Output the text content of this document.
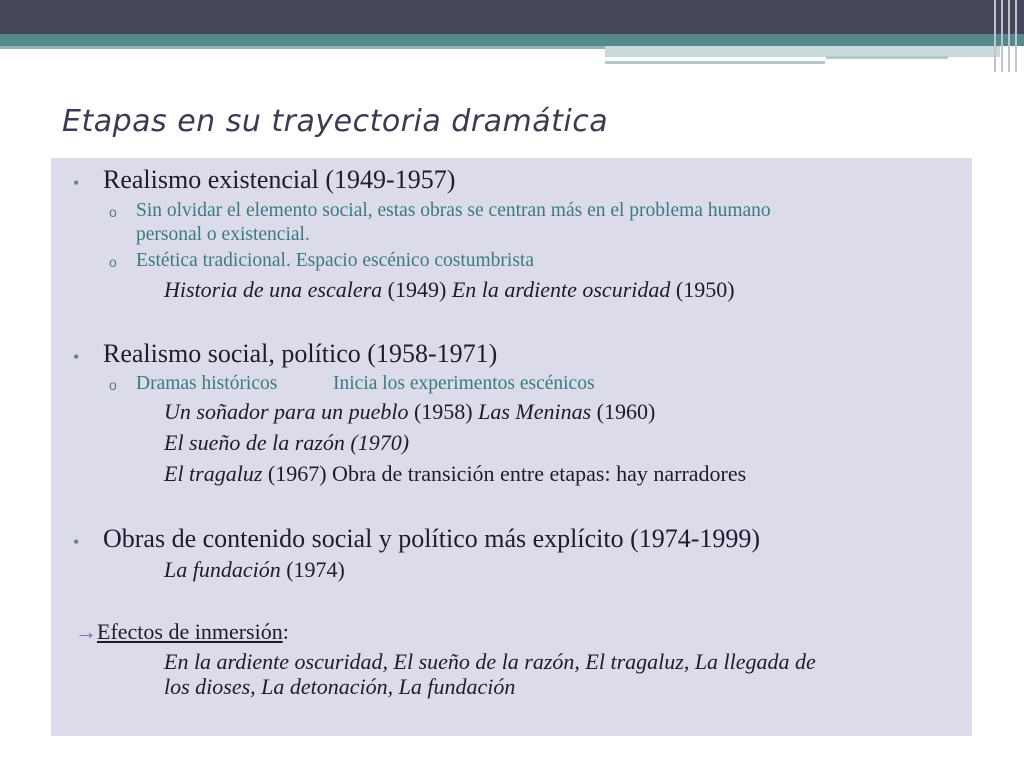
Etapas en su trayectoria dramática
• Realismo existencial (1949-1957)
o Sin olvidar el elemento social, estas obras se centran más en el problema humano
personal o existencial.
o Estética tradicional. Espacio escénico costumbrista
Historia de una escalera (1949) En la ardiente oscuridad (1950)
• Realismo social, político (1958-1971)
o Dramas históricos	Inicia los experimentos escénicos
Un soñador para un pueblo (1958) Las Meninas (1960)
El sueño de la razón (1970)
El tragaluz (1967) Obra de transición entre etapas: hay narradores
• Obras de contenido social y político más explícito (1974-1999)
La fundación (1974)
→Efectos de inmersión:
En la ardiente oscuridad, El sueño de la razón, El tragaluz, La llegada de
los dioses, La detonación, La fundación
